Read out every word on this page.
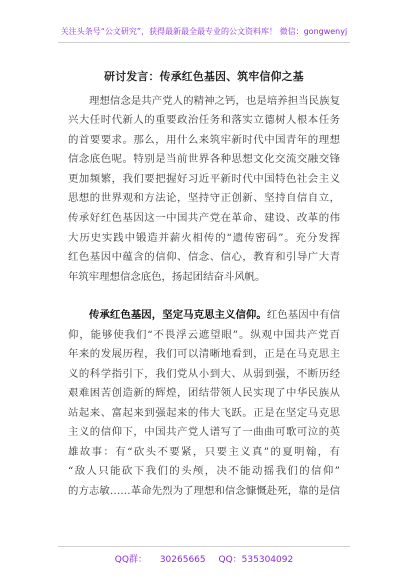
关注头条号“公文研究”，获得最新最全最专业的公文资料库！ 微信：gongwenyj
研讨发言：传承红色基因、筑牢信仰之基
理想信念是共产党人的精神之钙，也是培养担当民族复
兴大任时代新人的重要政治任务和落实立德树人根本任务
的首要要求。那么，用什么来筑牢新时代中国青年的理想
信念底色呢。特别是当前世界各种思想文化交流交融交锋
更加频繁，我们要把握好习近平新时代中国特色社会主义
思想的世界观和方法论，坚持守正创新、坚持自信自立，
传承好红色基因这一中国共产党在革命、建设、改革的伟
大历史实践中锻造并薪火相传的“遗传密码”。充分发挥
红色基因中蕴含的信仰、信念、信心，教育和引导广大青
年筑牢理想信念底色，扬起团结奋斗风帆。
传承红色基因，坚定马克思主义信仰。红色基因中有信
仰，能够使我们“不畏浮云遮望眼”。纵观中国共产党百
年来的发展历程，我们可以清晰地看到，正是在马克思主
义的科学指引下，我们党从小到大、从弱到强，不断历经
艰难困苦创造新的辉煌，团结带领人民实现了中华民族从
站起来、富起来到强起来的伟大飞跃。正是在坚定马克思
主义的信仰下，中国共产党人谱写了一曲曲可歌可泣的英
雄故事：有“砍头不要紧，只要主义真”的夏明翰，有
“敌人只能砍下我们的头颅，决不能动摇我们的信仰”
的方志敏……革命先烈为了理想和信念慷慨赴死，靠的是信
QQ群： 30265665 QQ：535304092
